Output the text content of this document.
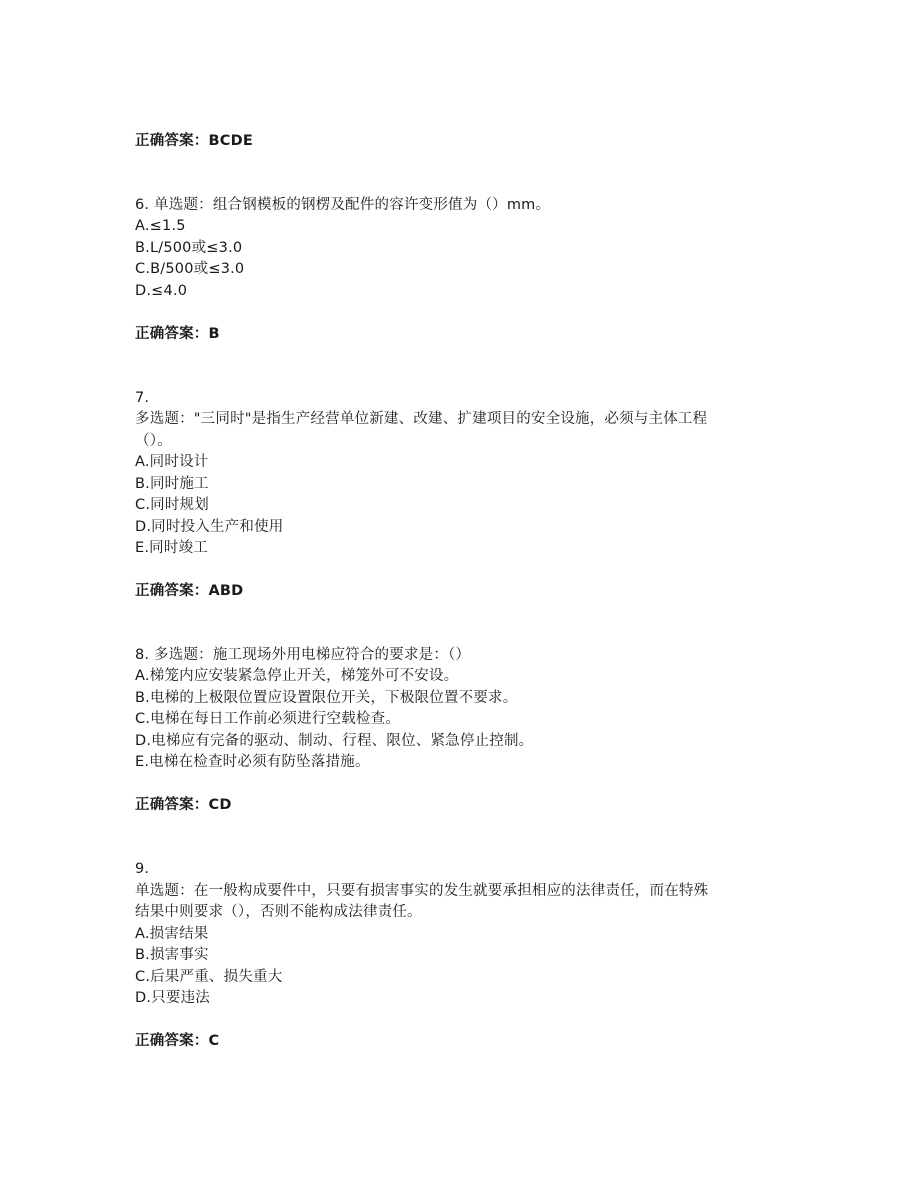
正确答案：BCDE
6. 单选题：组合钢模板的钢楞及配件的容许变形值为（）mm。
A.≤1.5
B.L/500或≤3.0
C.B/500或≤3.0
D.≤4.0
正确答案：B
7.
多选题："三同时"是指生产经营单位新建、改建、扩建项目的安全设施，必须与主体工程
（）。
A.同时设计
B.同时施工
C.同时规划
D.同时投入生产和使用
E.同时竣工
正确答案：ABD
8. 多选题：施工现场外用电梯应符合的要求是：（）
A.梯笼内应安装紧急停止开关，梯笼外可不安设。
B.电梯的上极限位置应设置限位开关，下极限位置不要求。
C.电梯在每日工作前必须进行空载检查。
D.电梯应有完备的驱动、制动、行程、限位、紧急停止控制。
E.电梯在检查时必须有防坠落措施。
正确答案：CD
9.
单选题：在一般构成要件中，只要有损害事实的发生就要承担相应的法律责任，而在特殊
结果中则要求（），否则不能构成法律责任。
A.损害结果
B.损害事实
C.后果严重、损失重大
D.只要违法
正确答案：C
